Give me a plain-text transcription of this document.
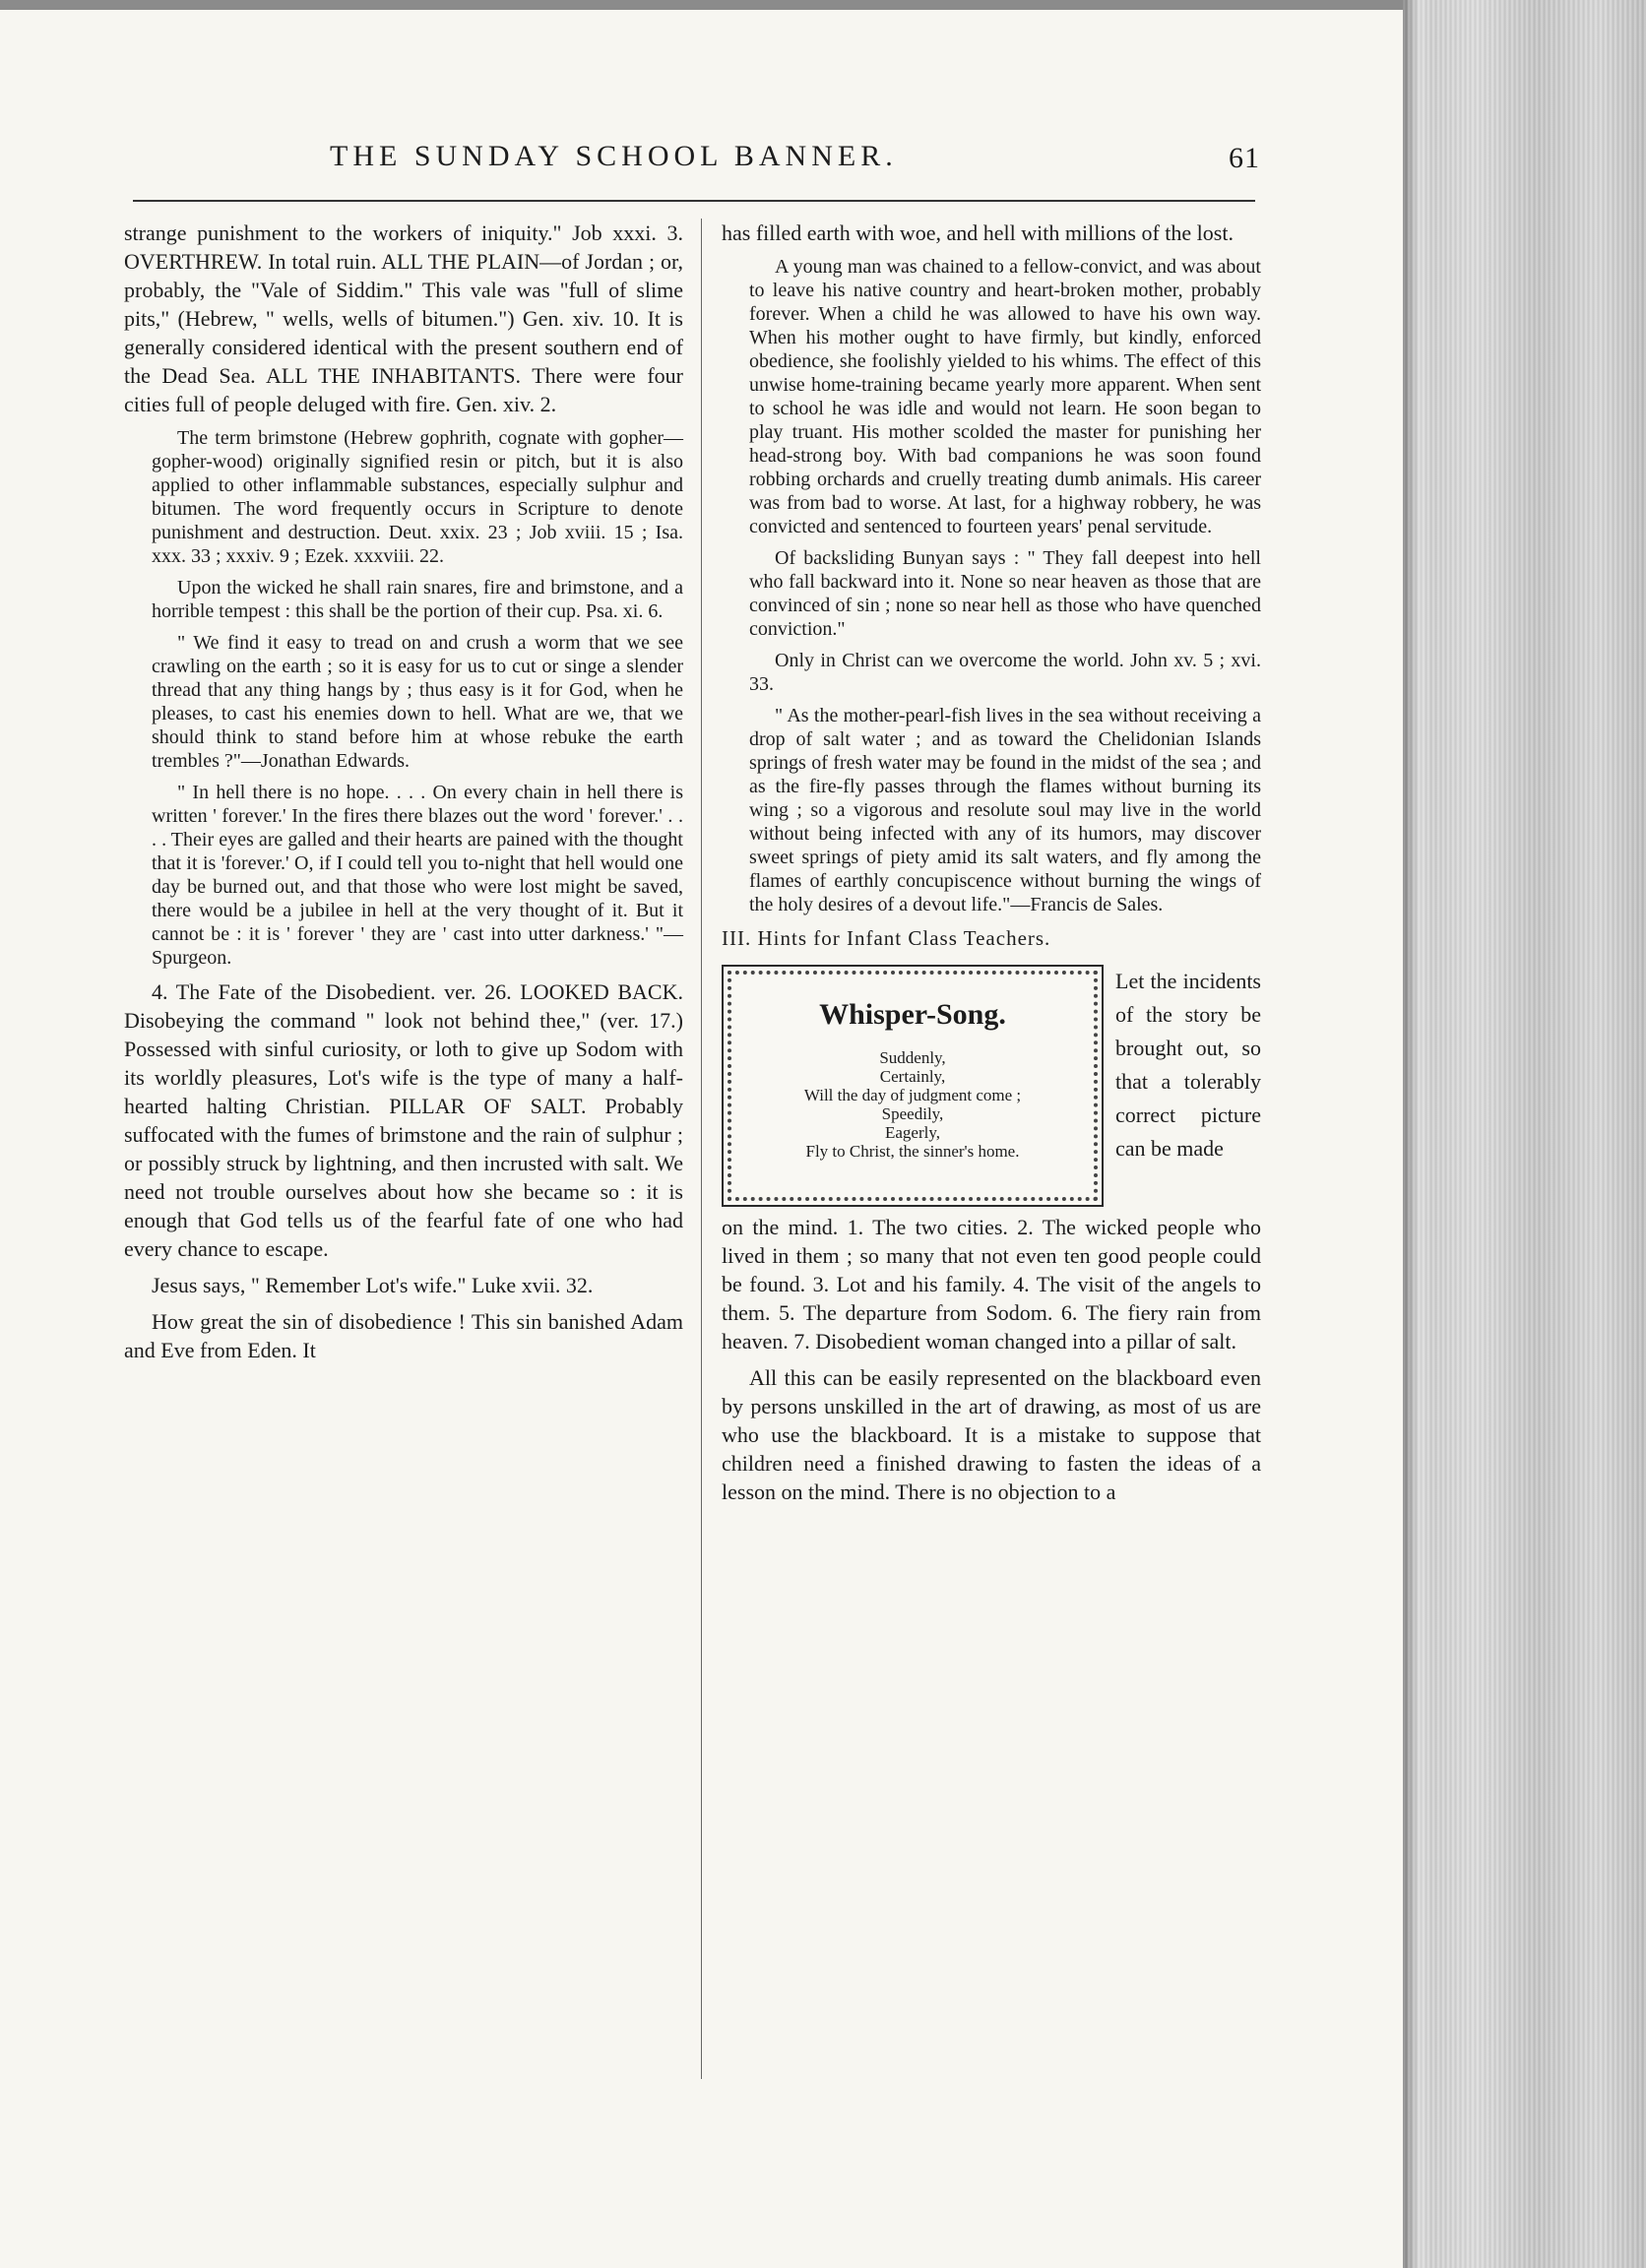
THE SUNDAY SCHOOL BANNER.	61

strange punishment to the workers of iniquity." Job xxxi. 3. OVERTHREW. In total ruin. ALL THE PLAIN—of Jordan ; or, probably, the "Vale of Siddim." This vale was "full of slime pits," (Hebrew, " wells, wells of bitumen.") Gen. xiv. 10. It is generally considered identical with the present southern end of the Dead Sea. ALL THE INHABITANTS. There were four cities full of people deluged with fire. Gen. xiv. 2.

The term brimstone (Hebrew gophrith, cognate with gopher—gopher-wood) originally signified resin or pitch, but it is also applied to other inflammable substances, especially sulphur and bitumen. The word frequently occurs in Scripture to denote punishment and destruction. Deut. xxix. 23 ; Job xviii. 15 ; Isa. xxx. 33 ; xxxiv. 9 ; Ezek. xxxviii. 22.

Upon the wicked he shall rain snares, fire and brimstone, and a horrible tempest : this shall be the portion of their cup. Psa. xi. 6.

" We find it easy to tread on and crush a worm that we see crawling on the earth ; so it is easy for us to cut or singe a slender thread that any thing hangs by ; thus easy is it for God, when he pleases, to cast his enemies down to hell. What are we, that we should think to stand before him at whose rebuke the earth trembles ?"—Jonathan Edwards.

" In hell there is no hope. . . . On every chain in hell there is written ' forever.' In the fires there blazes out the word ' forever.' . . . . Their eyes are galled and their hearts are pained with the thought that it is 'forever.' O, if I could tell you to-night that hell would one day be burned out, and that those who were lost might be saved, there would be a jubilee in hell at the very thought of it. But it cannot be : it is ' forever ' they are ' cast into utter darkness.' "—Spurgeon.

4. The Fate of the Disobedient. ver. 26. LOOKED BACK. Disobeying the command " look not behind thee," (ver. 17.) Possessed with sinful curiosity, or loth to give up Sodom with its worldly pleasures, Lot's wife is the type of many a half-hearted halting Christian. PILLAR OF SALT. Probably suffocated with the fumes of brimstone and the rain of sulphur ; or possibly struck by lightning, and then incrusted with salt. We need not trouble ourselves about how she became so : it is enough that God tells us of the fearful fate of one who had every chance to escape.

Jesus says, " Remember Lot's wife." Luke xvii. 32.

How great the sin of disobedience ! This sin banished Adam and Eve from Eden. It

has filled earth with woe, and hell with millions of the lost.

A young man was chained to a fellow-convict, and was about to leave his native country and heart-broken mother, probably forever. When a child he was allowed to have his own way. When his mother ought to have firmly, but kindly, enforced obedience, she foolishly yielded to his whims. The effect of this unwise home-training became yearly more apparent. When sent to school he was idle and would not learn. He soon began to play truant. His mother scolded the master for punishing her head-strong boy. With bad companions he was soon found robbing orchards and cruelly treating dumb animals. His career was from bad to worse. At last, for a highway robbery, he was convicted and sentenced to fourteen years' penal servitude.

Of backsliding Bunyan says : " They fall deepest into hell who fall backward into it. None so near heaven as those that are convinced of sin ; none so near hell as those who have quenched conviction."

Only in Christ can we overcome the world. John xv. 5 ; xvi. 33.

" As the mother-pearl-fish lives in the sea without receiving a drop of salt water ; and as toward the Chelidonian Islands springs of fresh water may be found in the midst of the sea ; and as the fire-fly passes through the flames without burning its wing ; so a vigorous and resolute soul may live in the world without being infected with any of its humors, may discover sweet springs of piety amid its salt waters, and fly among the flames of earthly concupiscence without burning the wings of the holy desires of a devout life."—Francis de Sales.

III. Hints for Infant Class Teachers.
Whisper-Song.
Suddenly,
Certainly,
Will the day of judgment come ;
Speedily,
Eagerly,
Fly to Christ, the sinner's home.
Let the incidents of the story be brought out, so that a tolerably correct picture can be made

on the mind. 1. The two cities. 2. The wicked people who lived in them ; so many that not even ten good people could be found. 3. Lot and his family. 4. The visit of the angels to them. 5. The departure from Sodom. 6. The fiery rain from heaven. 7. Disobedient woman changed into a pillar of salt.

All this can be easily represented on the blackboard even by persons unskilled in the art of drawing, as most of us are who use the blackboard. It is a mistake to suppose that children need a finished drawing to fasten the ideas of a lesson on the mind. There is no objection to a
